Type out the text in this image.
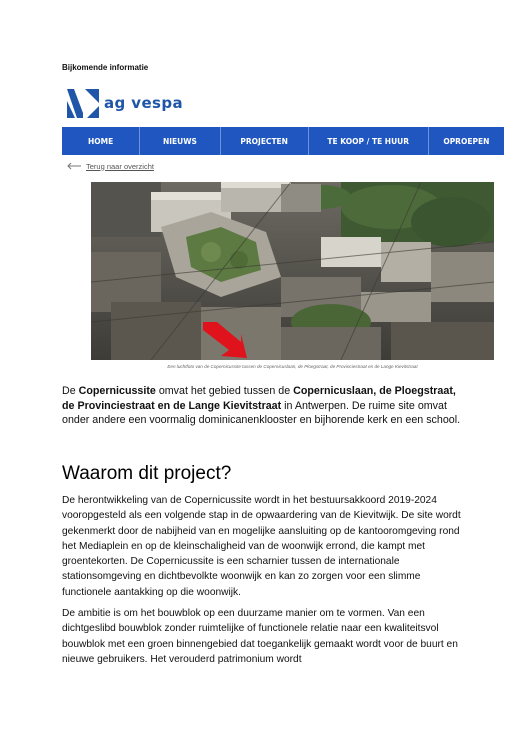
Bijkomende informatie
ag vespa
HOME	NIEUWS	PROJECTEN	TE KOOP / TE HUUR	OPROEPEN
Terug naar overzicht
Een luchtfoto van de Copernicussite tussen de Copernicuslaan, de Ploegstraat, de Provinciestraat en de Lange Kievitstraat
De Copernicussite omvat het gebied tussen de Copernicuslaan, de Ploegstraat, de Provinciestraat en de Lange Kievitstraat in Antwerpen. De ruime site omvat onder andere een voormalig dominicanenklooster en bijhorende kerk en een school.
Waarom dit project?

De herontwikkeling van de Copernicussite wordt in het bestuursakkoord 2019-2024 vooropgesteld als een volgende stap in de opwaardering van de Kievitwijk. De site wordt gekenmerkt door de nabijheid van en mogelijke aansluiting op de kantooromgeving rond het Mediaplein en op de kleinschaligheid van de woonwijk errond, die kampt met groentekorten. De Copernicussite is een scharnier tussen de internationale stationsomgeving en dichtbevolkte woonwijk en kan zo zorgen voor een slimme functionele aantakking op die woonwijk.

De ambitie is om het bouwblok op een duurzame manier om te vormen. Van een dichtgeslibd bouwblok zonder ruimtelijke of functionele relatie naar een kwaliteitsvol bouwblok met een groen binnengebied dat toegankelijk gemaakt wordt voor de buurt en nieuwe gebruikers. Het verouderd patrimonium wordt
